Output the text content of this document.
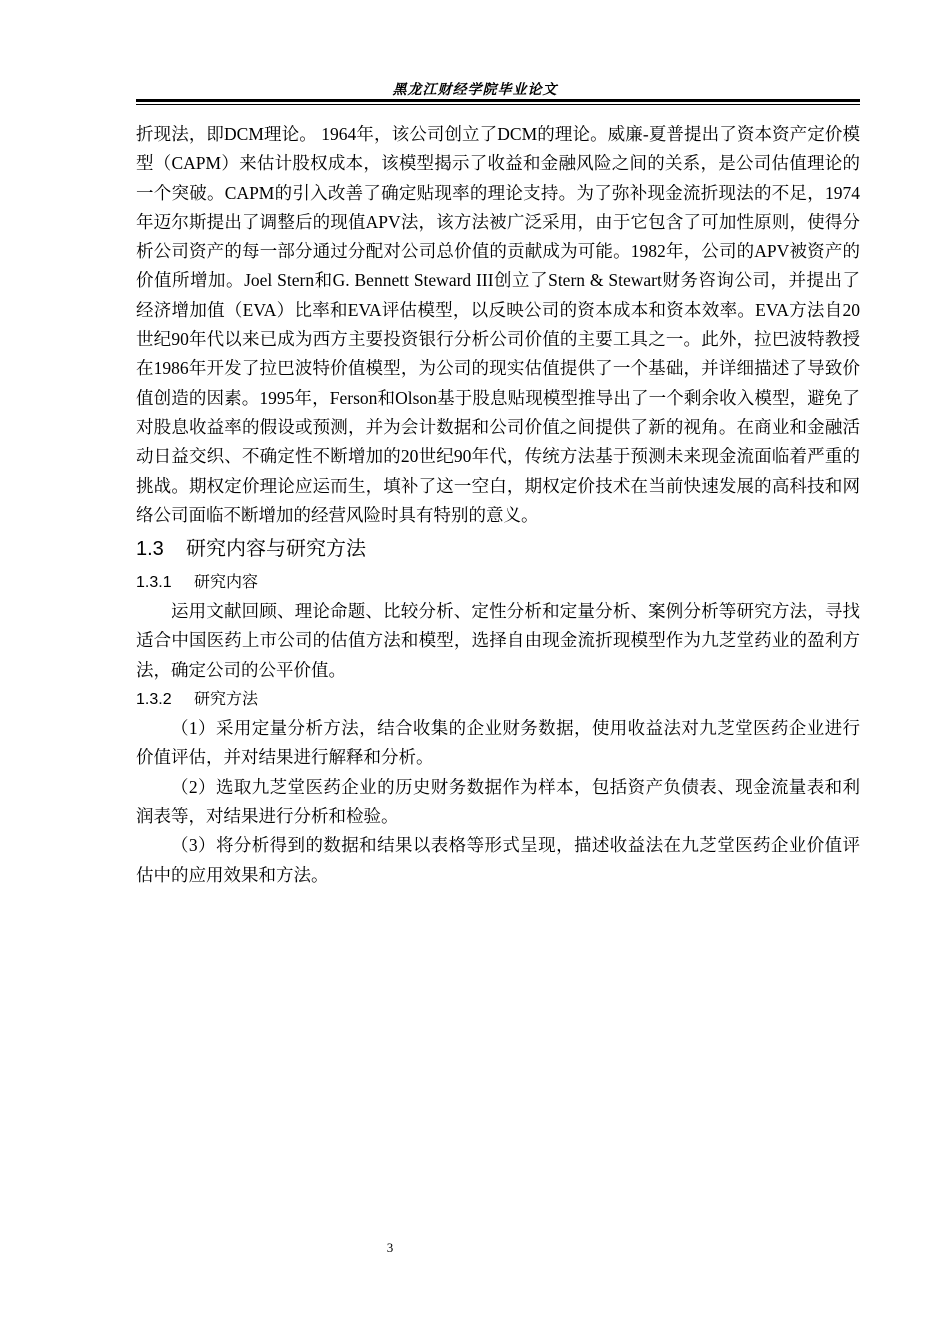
黑龙江财经学院毕业论文

折现法，即DCM理论。 1964年，该公司创立了DCM的理论。威廉-夏普提出了资本资产定价模型（CAPM）来估计股权成本，该模型揭示了收益和金融风险之间的关系，是公司估值理论的一个突破。CAPM的引入改善了确定贴现率的理论支持。为了弥补现金流折现法的不足，1974年迈尔斯提出了调整后的现值APV法，该方法被广泛采用，由于它包含了可加性原则，使得分析公司资产的每一部分通过分配对公司总价值的贡献成为可能。1982年，公司的APV被资产的价值所增加。Joel Stern和G. Bennett Steward III创立了Stern & Stewart财务咨询公司，并提出了经济增加值（EVA）比率和EVA评估模型，以反映公司的资本成本和资本效率。EVA方法自20世纪90年代以来已成为西方主要投资银行分析公司价值的主要工具之一。此外，拉巴波特教授在1986年开发了拉巴波特价值模型，为公司的现实估值提供了一个基础，并详细描述了导致价值创造的因素。1995年，Ferson和Olson基于股息贴现模型推导出了一个剩余收入模型，避免了对股息收益率的假设或预测，并为会计数据和公司价值之间提供了新的视角。在商业和金融活动日益交织、不确定性不断增加的20世纪90年代，传统方法基于预测未来现金流面临着严重的挑战。期权定价理论应运而生，填补了这一空白，期权定价技术在当前快速发展的高科技和网络公司面临不断增加的经营风险时具有特别的意义。

1.3 研究内容与研究方法
1.3.1 研究内容

运用文献回顾、理论命题、比较分析、定性分析和定量分析、案例分析等研究方法，寻找适合中国医药上市公司的估值方法和模型，选择自由现金流折现模型作为九芝堂药业的盈利方法，确定公司的公平价值。

1.3.2 研究方法

（1）采用定量分析方法，结合收集的企业财务数据，使用收益法对九芝堂医药企业进行价值评估，并对结果进行解释和分析。

（2）选取九芝堂医药企业的历史财务数据作为样本，包括资产负债表、现金流量表和利润表等，对结果进行分析和检验。

（3）将分析得到的数据和结果以表格等形式呈现，描述收益法在九芝堂医药企业价值评估中的应用效果和方法。

3
